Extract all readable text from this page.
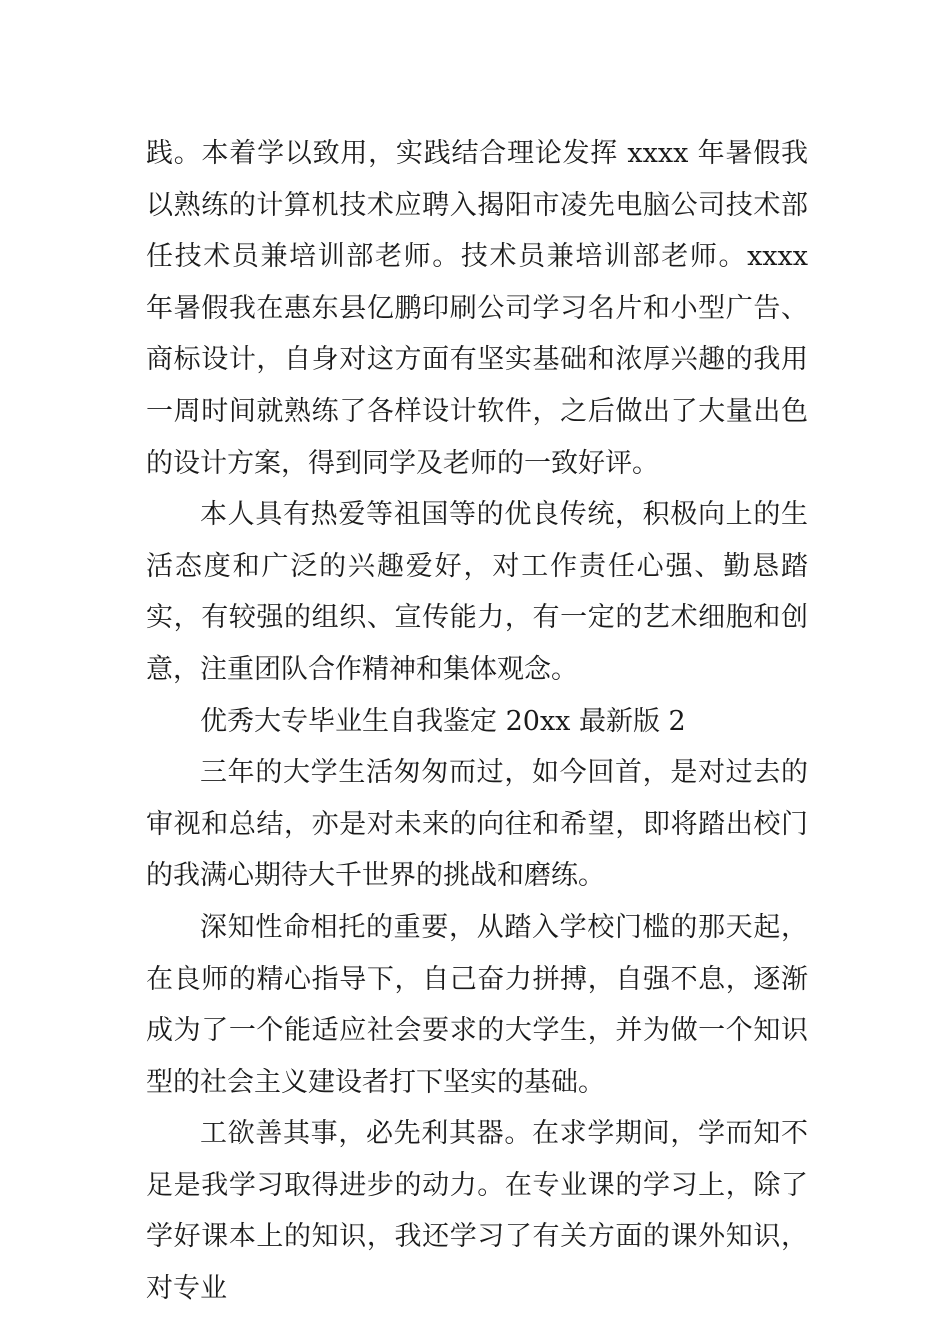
践。本着学以致用，实践结合理论发挥 xxxx 年暑假我以熟练的计算机技术应聘入揭阳市凌先电脑公司技术部任技术员兼培训部老师。技术员兼培训部老师。xxxx 年暑假我在惠东县亿鹏印刷公司学习名片和小型广告、商标设计，自身对这方面有坚实基础和浓厚兴趣的我用一周时间就熟练了各样设计软件，之后做出了大量出色的设计方案，得到同学及老师的一致好评。

本人具有热爱等祖国等的优良传统，积极向上的生活态度和广泛的兴趣爱好，对工作责任心强、勤恳踏实，有较强的组织、宣传能力，有一定的艺术细胞和创意，注重团队合作精神和集体观念。

优秀大专毕业生自我鉴定 20xx 最新版 2

三年的大学生活匆匆而过，如今回首，是对过去的审视和总结，亦是对未来的向往和希望，即将踏出校门的我满心期待大千世界的挑战和磨练。

深知性命相托的重要，从踏入学校门槛的那天起，在良师的精心指导下，自己奋力拼搏，自强不息，逐渐成为了一个能适应社会要求的大学生，并为做一个知识型的社会主义建设者打下坚实的基础。

工欲善其事，必先利其器。在求学期间，学而知不足是我学习取得进步的动力。在专业课的学习上，除了学好课本上的知识，我还学习了有关方面的课外知识，对专业
